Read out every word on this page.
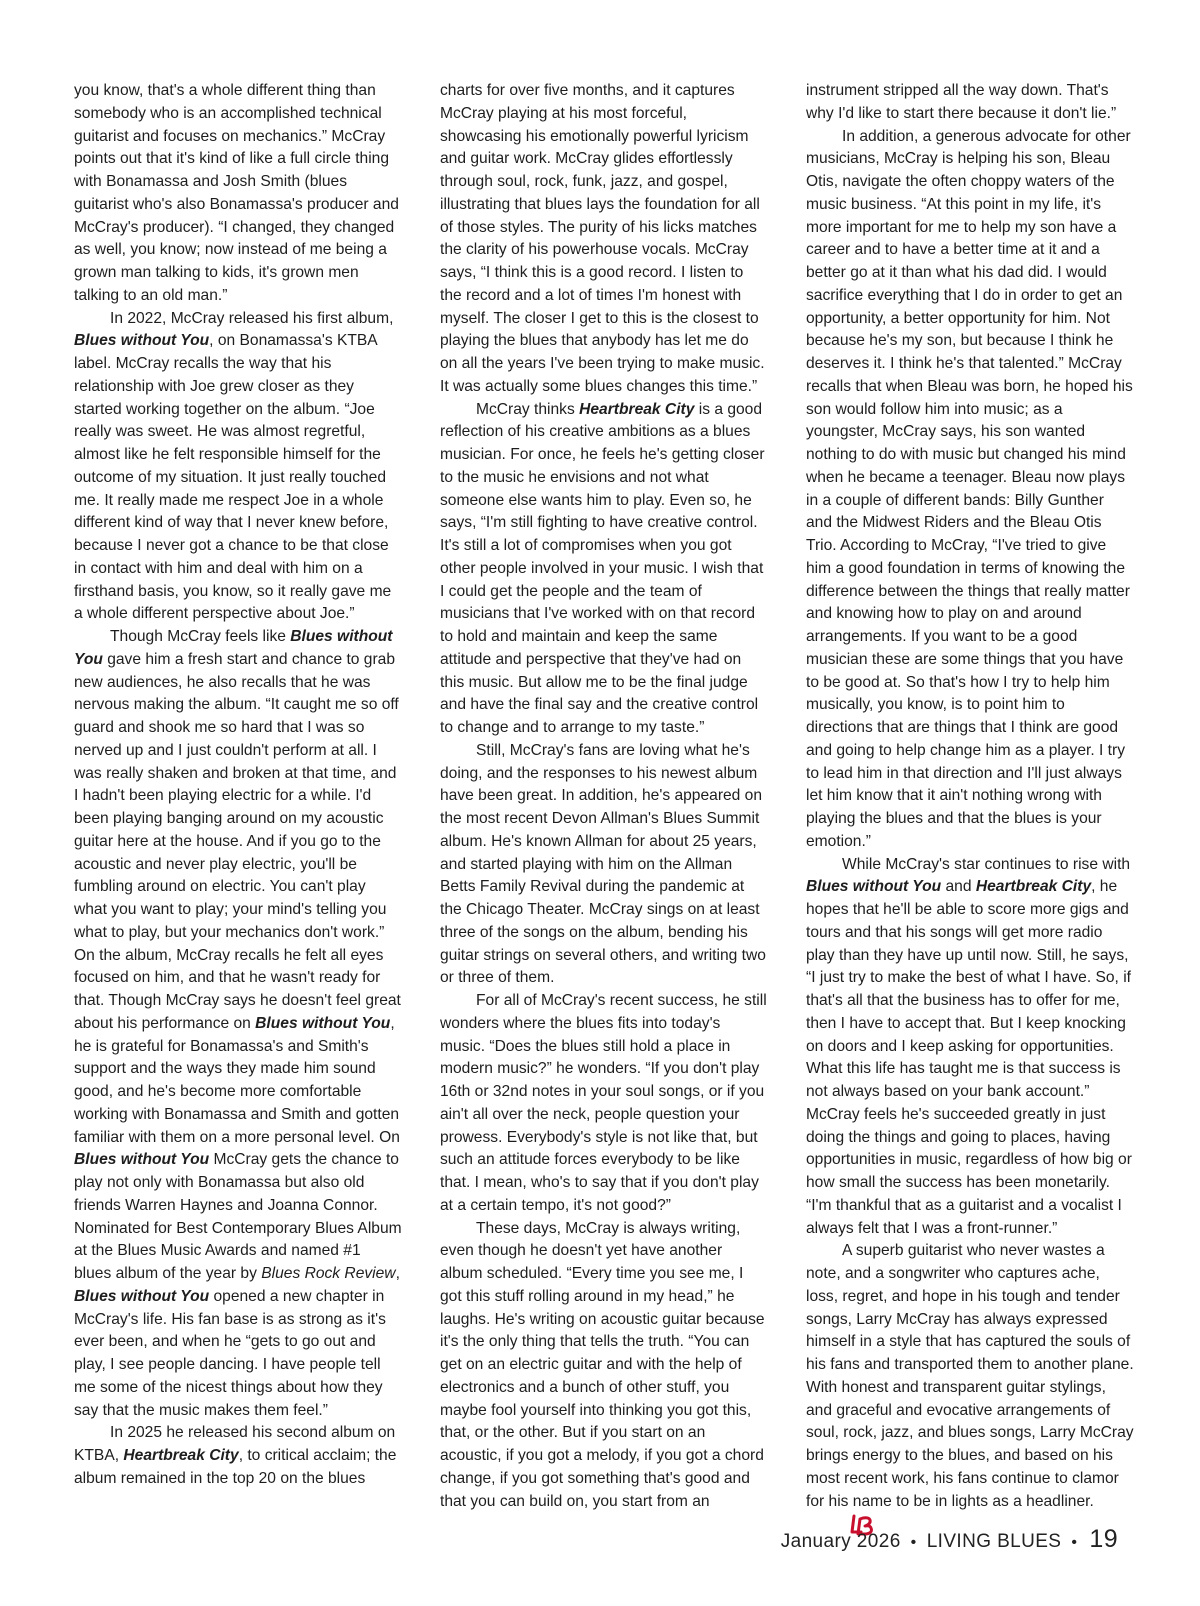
you know, that's a whole different thing than somebody who is an accomplished technical guitarist and focuses on mechanics.” McCray points out that it's kind of like a full circle thing with Bonamassa and Josh Smith (blues guitarist who's also Bonamassa's producer and McCray's producer). “I changed, they changed as well, you know; now instead of me being a grown man talking to kids, it's grown men talking to an old man.”

In 2022, McCray released his first album, Blues without You, on Bonamassa's KTBA label. McCray recalls the way that his relationship with Joe grew closer as they started working together on the album. “Joe really was sweet. He was almost regretful, almost like he felt responsible himself for the outcome of my situation. It just really touched me. It really made me respect Joe in a whole different kind of way that I never knew before, because I never got a chance to be that close in contact with him and deal with him on a firsthand basis, you know, so it really gave me a whole different perspective about Joe.”

Though McCray feels like Blues without You gave him a fresh start and chance to grab new audiences, he also recalls that he was nervous making the album. “It caught me so off guard and shook me so hard that I was so nerved up and I just couldn't perform at all. I was really shaken and broken at that time, and I hadn't been playing electric for a while. I'd been playing banging around on my acoustic guitar here at the house. And if you go to the acoustic and never play electric, you'll be fumbling around on electric. You can't play what you want to play; your mind's telling you what to play, but your mechanics don't work.” On the album, McCray recalls he felt all eyes focused on him, and that he wasn't ready for that. Though McCray says he doesn't feel great about his performance on Blues without You, he is grateful for Bonamassa's and Smith's support and the ways they made him sound good, and he's become more comfortable working with Bonamassa and Smith and gotten familiar with them on a more personal level. On Blues without You McCray gets the chance to play not only with Bonamassa but also old friends Warren Haynes and Joanna Connor. Nominated for Best Contemporary Blues Album at the Blues Music Awards and named #1 blues album of the year by Blues Rock Review, Blues without You opened a new chapter in McCray's life. His fan base is as strong as it's ever been, and when he “gets to go out and play, I see people dancing. I have people tell me some of the nicest things about how they say that the music makes them feel.”

In 2025 he released his second album on KTBA, Heartbreak City, to critical acclaim; the album remained in the top 20 on the blues

charts for over five months, and it captures McCray playing at his most forceful, showcasing his emotionally powerful lyricism and guitar work. McCray glides effortlessly through soul, rock, funk, jazz, and gospel, illustrating that blues lays the foundation for all of those styles. The purity of his licks matches the clarity of his powerhouse vocals. McCray says, “I think this is a good record. I listen to the record and a lot of times I'm honest with myself. The closer I get to this is the closest to playing the blues that anybody has let me do on all the years I've been trying to make music. It was actually some blues changes this time.”

McCray thinks Heartbreak City is a good reflection of his creative ambitions as a blues musician. For once, he feels he's getting closer to the music he envisions and not what someone else wants him to play. Even so, he says, “I'm still fighting to have creative control. It's still a lot of compromises when you got other people involved in your music. I wish that I could get the people and the team of musicians that I've worked with on that record to hold and maintain and keep the same attitude and perspective that they've had on this music. But allow me to be the final judge and have the final say and the creative control to change and to arrange to my taste.”

Still, McCray's fans are loving what he's doing, and the responses to his newest album have been great. In addition, he's appeared on the most recent Devon Allman's Blues Summit album. He's known Allman for about 25 years, and started playing with him on the Allman Betts Family Revival during the pandemic at the Chicago Theater. McCray sings on at least three of the songs on the album, bending his guitar strings on several others, and writing two or three of them.

For all of McCray's recent success, he still wonders where the blues fits into today's music. “Does the blues still hold a place in modern music?” he wonders. “If you don't play 16th or 32nd notes in your soul songs, or if you ain't all over the neck, people question your prowess. Everybody's style is not like that, but such an attitude forces everybody to be like that. I mean, who's to say that if you don't play at a certain tempo, it's not good?”

These days, McCray is always writing, even though he doesn't yet have another album scheduled. “Every time you see me, I got this stuff rolling around in my head,” he laughs. He's writing on acoustic guitar because it's the only thing that tells the truth. “You can get on an electric guitar and with the help of electronics and a bunch of other stuff, you maybe fool yourself into thinking you got this, that, or the other. But if you start on an acoustic, if you got a melody, if you got a chord change, if you got something that's good and that you can build on, you start from an

instrument stripped all the way down. That's why I'd like to start there because it don't lie.”

In addition, a generous advocate for other musicians, McCray is helping his son, Bleau Otis, navigate the often choppy waters of the music business. “At this point in my life, it's more important for me to help my son have a career and to have a better time at it and a better go at it than what his dad did. I would sacrifice everything that I do in order to get an opportunity, a better opportunity for him. Not because he's my son, but because I think he deserves it. I think he's that talented.” McCray recalls that when Bleau was born, he hoped his son would follow him into music; as a youngster, McCray says, his son wanted nothing to do with music but changed his mind when he became a teenager. Bleau now plays in a couple of different bands: Billy Gunther and the Midwest Riders and the Bleau Otis Trio. According to McCray, “I've tried to give him a good foundation in terms of knowing the difference between the things that really matter and knowing how to play on and around arrangements. If you want to be a good musician these are some things that you have to be good at. So that's how I try to help him musically, you know, is to point him to directions that are things that I think are good and going to help change him as a player. I try to lead him in that direction and I'll just always let him know that it ain't nothing wrong with playing the blues and that the blues is your emotion.”

While McCray's star continues to rise with Blues without You and Heartbreak City, he hopes that he'll be able to score more gigs and tours and that his songs will get more radio play than they have up until now. Still, he says, “I just try to make the best of what I have. So, if that's all that the business has to offer for me, then I have to accept that. But I keep knocking on doors and I keep asking for opportunities. What this life has taught me is that success is not always based on your bank account.” McCray feels he's succeeded greatly in just doing the things and going to places, having opportunities in music, regardless of how big or how small the success has been monetarily. “I'm thankful that as a guitarist and a vocalist I always felt that I was a front-runner.”

A superb guitarist who never wastes a note, and a songwriter who captures ache, loss, regret, and hope in his tough and tender songs, Larry McCray has always expressed himself in a style that has captured the souls of his fans and transported them to another plane. With honest and transparent guitar stylings, and graceful and evocative arrangements of soul, rock, jazz, and blues songs, Larry McCray brings energy to the blues, and based on his most recent work, his fans continue to clamor for his name to be in lights as a headliner.

January 2026 • LIVING BLUES • 19
